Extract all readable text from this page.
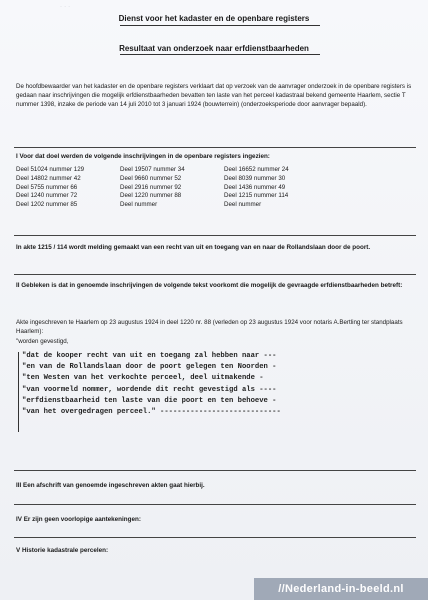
· · ·
Dienst voor het kadaster en de openbare registers
Resultaat van onderzoek naar erfdienstbaarheden
De hoofdbewaarder van het kadaster en de openbare registers verklaart dat op verzoek van de aanvrager onderzoek in de openbare registers is gedaan naar inschrijvingen die mogelijk erfdienstbaarheden bevatten ten laste van het perceel kadastraal bekend gemeente Haarlem, sectie T nummer 1398, inzake de periode van 14 juli 2010 tot 3 januari 1924 (bouwterrein) (onderzoeksperiode door aanvrager bepaald).
I Voor dat doel werden de volgende inschrijvingen in de openbare registers ingezien:
Deel 51024 nummer 129	Deel 19507 nummer 34	Deel 16652 nummer 24
Deel 14802 nummer 42	Deel 9660 nummer 52	Deel 8039 nummer 30
Deel 5755 nummer 66	Deel 2916 nummer 92	Deel 1436 nummer 49
Deel 1240 nummer 72	Deel 1220 nummer 88	Deel 1215 nummer 114
Deel 1202 nummer 85	Deel nummer	Deel nummer
In akte 1215 / 114 wordt melding gemaakt van een recht van uit en toegang van en naar de Rollandslaan door de poort.
II Gebleken is dat in genoemde inschrijvingen de volgende tekst voorkomt die mogelijk de gevraagde erfdienstbaarheden betreft:
Akte ingeschreven te Haarlem op 23 augustus 1924 in deel 1220 nr. 88 (verleden op 23 augustus 1924 voor notaris A.Bertling ter standplaats Haarlem):
"worden gevestigd,
"dat de kooper recht van uit en toegang zal hebben naar ---
"en van de Rollandslaan door de poort gelegen ten Noorden -
"ten Westen van het verkochte perceel, deel uitmakende -
"van voormeld nommer, wordende dit recht gevestigd als ----
"erfdienstbaarheid ten laste van die poort en ten behoeve -
"van het overgedragen perceel." ----------------------------
III Een afschrift van genoemde ingeschreven akten gaat hierbij.
IV Er zijn geen voorlopige aantekeningen:
V Historie kadastrale percelen:
//Nederland-in-beeld.nl
